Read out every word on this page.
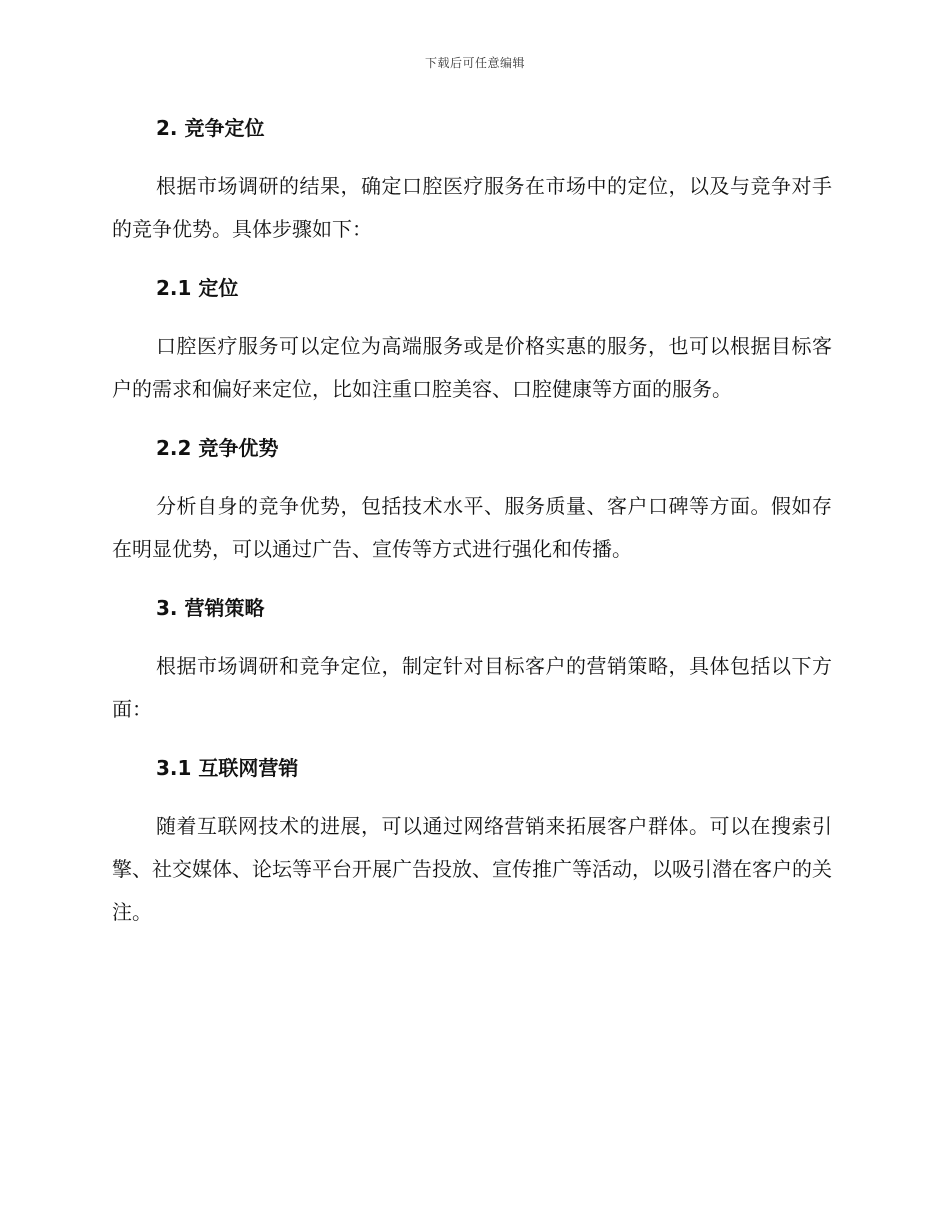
下载后可任意编辑
2. 竞争定位

根据市场调研的结果，确定口腔医疗服务在市场中的定位，以及与竞争对手的竞争优势。具体步骤如下：

2.1 定位

口腔医疗服务可以定位为高端服务或是价格实惠的服务，也可以根据目标客户的需求和偏好来定位，比如注重口腔美容、口腔健康等方面的服务。

2.2 竞争优势

分析自身的竞争优势，包括技术水平、服务质量、客户口碑等方面。假如存在明显优势，可以通过广告、宣传等方式进行强化和传播。

3. 营销策略

根据市场调研和竞争定位，制定针对目标客户的营销策略，具体包括以下方面：

3.1 互联网营销

随着互联网技术的进展，可以通过网络营销来拓展客户群体。可以在搜索引擎、社交媒体、论坛等平台开展广告投放、宣传推广等活动，以吸引潜在客户的关注。
